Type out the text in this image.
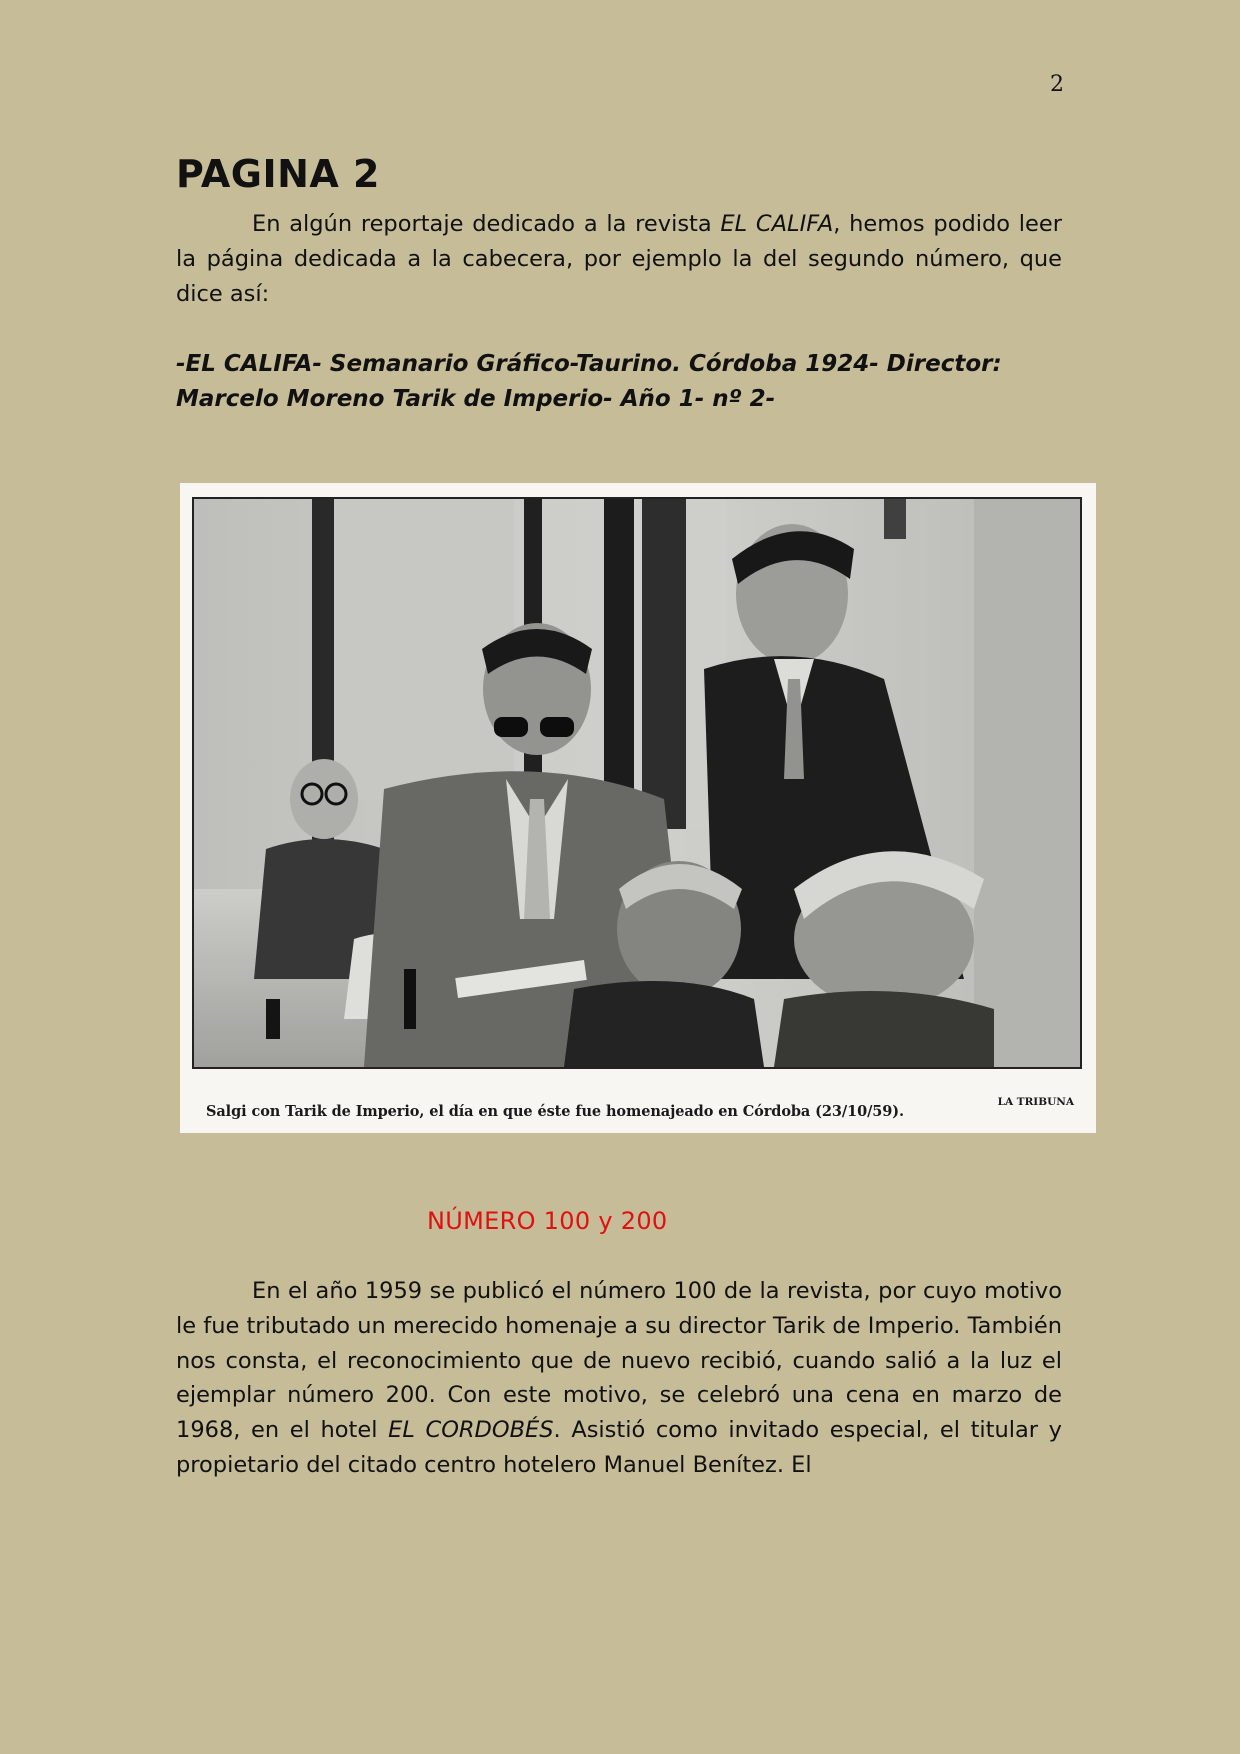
2
PAGINA 2

En algún reportaje dedicado a la revista EL CALIFA, hemos podido leer la página dedicada a la cabecera, por ejemplo la del segundo número, que dice así:

-EL CALIFA- Semanario Gráfico-Taurino. Córdoba 1924- Director:
Marcelo Moreno Tarik de Imperio- Año 1- nº 2-

Salgi con Tarik de Imperio, el día en que éste fue homenajeado en Córdoba (23/10/59).
LA TRIBUNA
NÚMERO 100 y 200

En el año 1959 se publicó el número 100 de la revista, por cuyo motivo le fue tributado un merecido homenaje a su director Tarik de Imperio. También nos consta, el reconocimiento que de nuevo recibió, cuando salió a la luz el ejemplar número 200. Con este motivo, se celebró una cena en marzo de 1968, en el hotel EL CORDOBÉS. Asistió como invitado especial, el titular y propietario del citado centro hotelero Manuel Benítez. El
